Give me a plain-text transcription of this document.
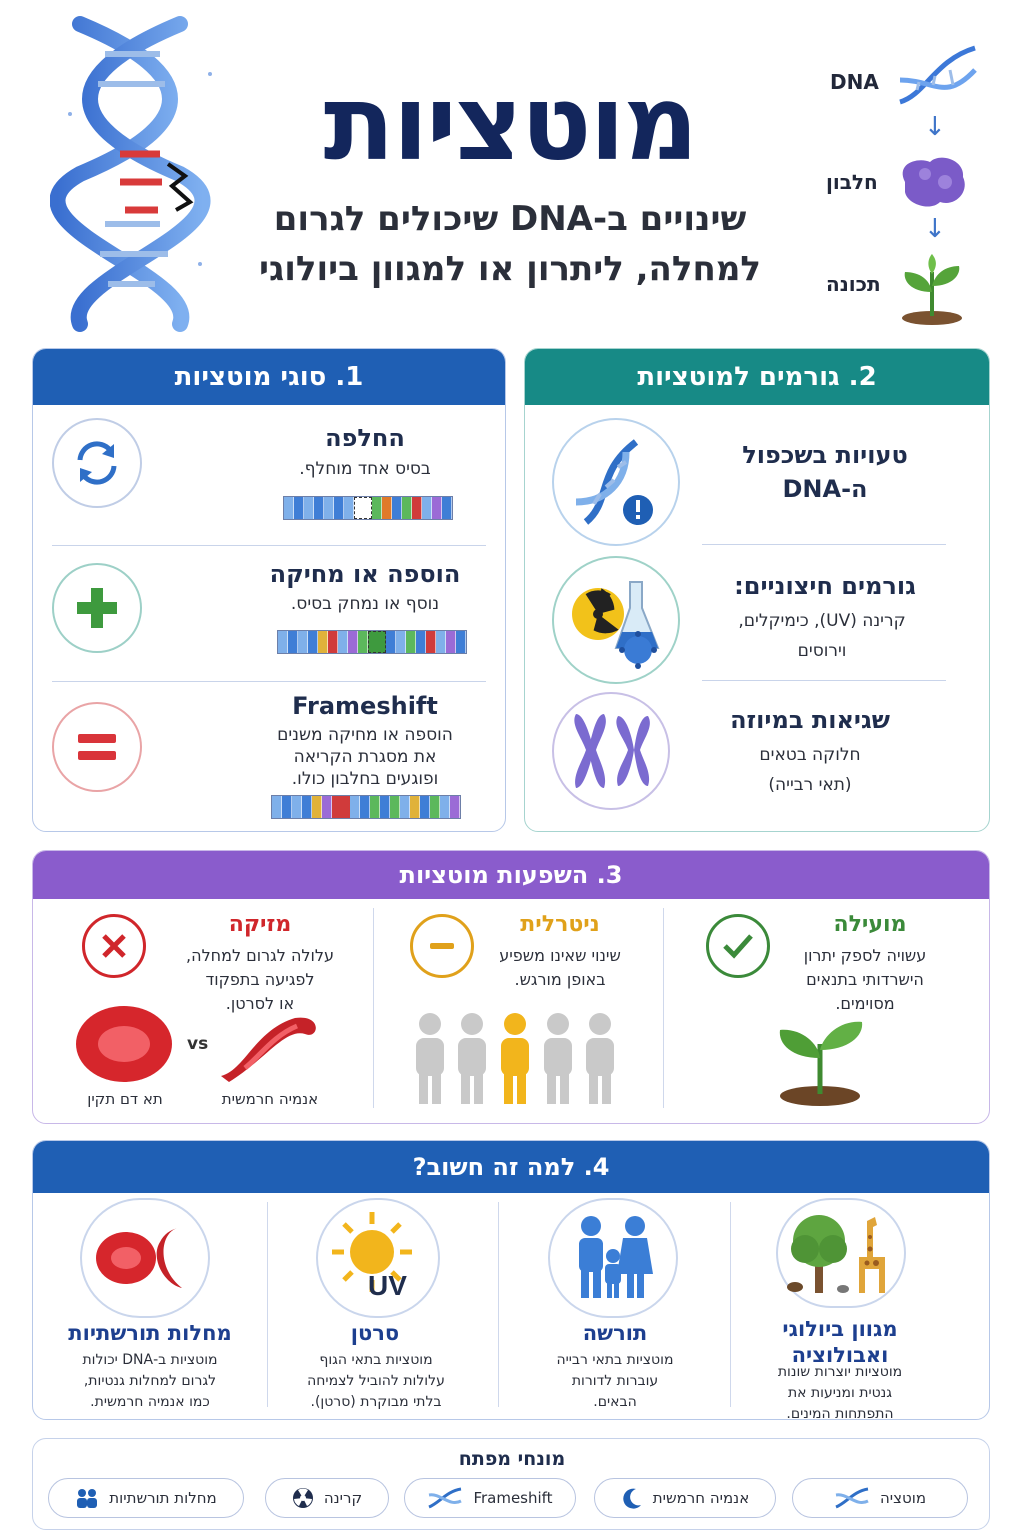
מוטציות
שינויים ב-DNA שיכולים לגרום
למחלה, ליתרון או למגוון ביולוגי
DNA
↓
חלבון
↓
תכונה
1. סוגי מוטציות
החלפה
בסיס אחד מוחלף.
הוספה או מחיקה
נוסף או נמחק בסיס.
Frameshift
הוספה או מחיקה משנים
את מסגרת הקריאה
ופוגעים בחלבון כולו.
2. גורמים למוטציות
טעויות בשכפול
ה-DNA
גורמים חיצוניים:
קרינה (UV), כימיקלים,
וירוסים
שגיאות במיוזה
חלוקה בטאים
(תאי רבייה)
3. השפעות מוטציות
מועילה
עשויה לספק יתרון
הישרדותי בתנאים
מסוימים.
ניטרלית
שינוי שאינו משפיע
באופן מורגש.
מזיקה
עלולה לגרום למחלה,
לפגיעה בתפקוד
או לסרטן.
vs
תא דם תקין	אנמיה חרמשית
4. למה זה חשוב?
מגוון ביולוגי
ואבולוציה
מוטציות יוצרות שונות
גנטית ומניעות את
התפתחות המינים.
תורשה
מוטציות בתאי רבייה
עוברות לדורות
הבאים.
UV
סרטן
מוטציות בתאי הגוף
עלולות להוביל לצמיחה
בלתי מבוקרת (סרטן).
מחלות תורשתיות
מוטציות ב-DNA יכולות
לגרום למחלות גנטיות,
כמו אנמיה חרמשית.
מונחי מפתח
מוטציה
אנמיה חרמשית
Frameshift
קרינה
מחלות תורשתיות
